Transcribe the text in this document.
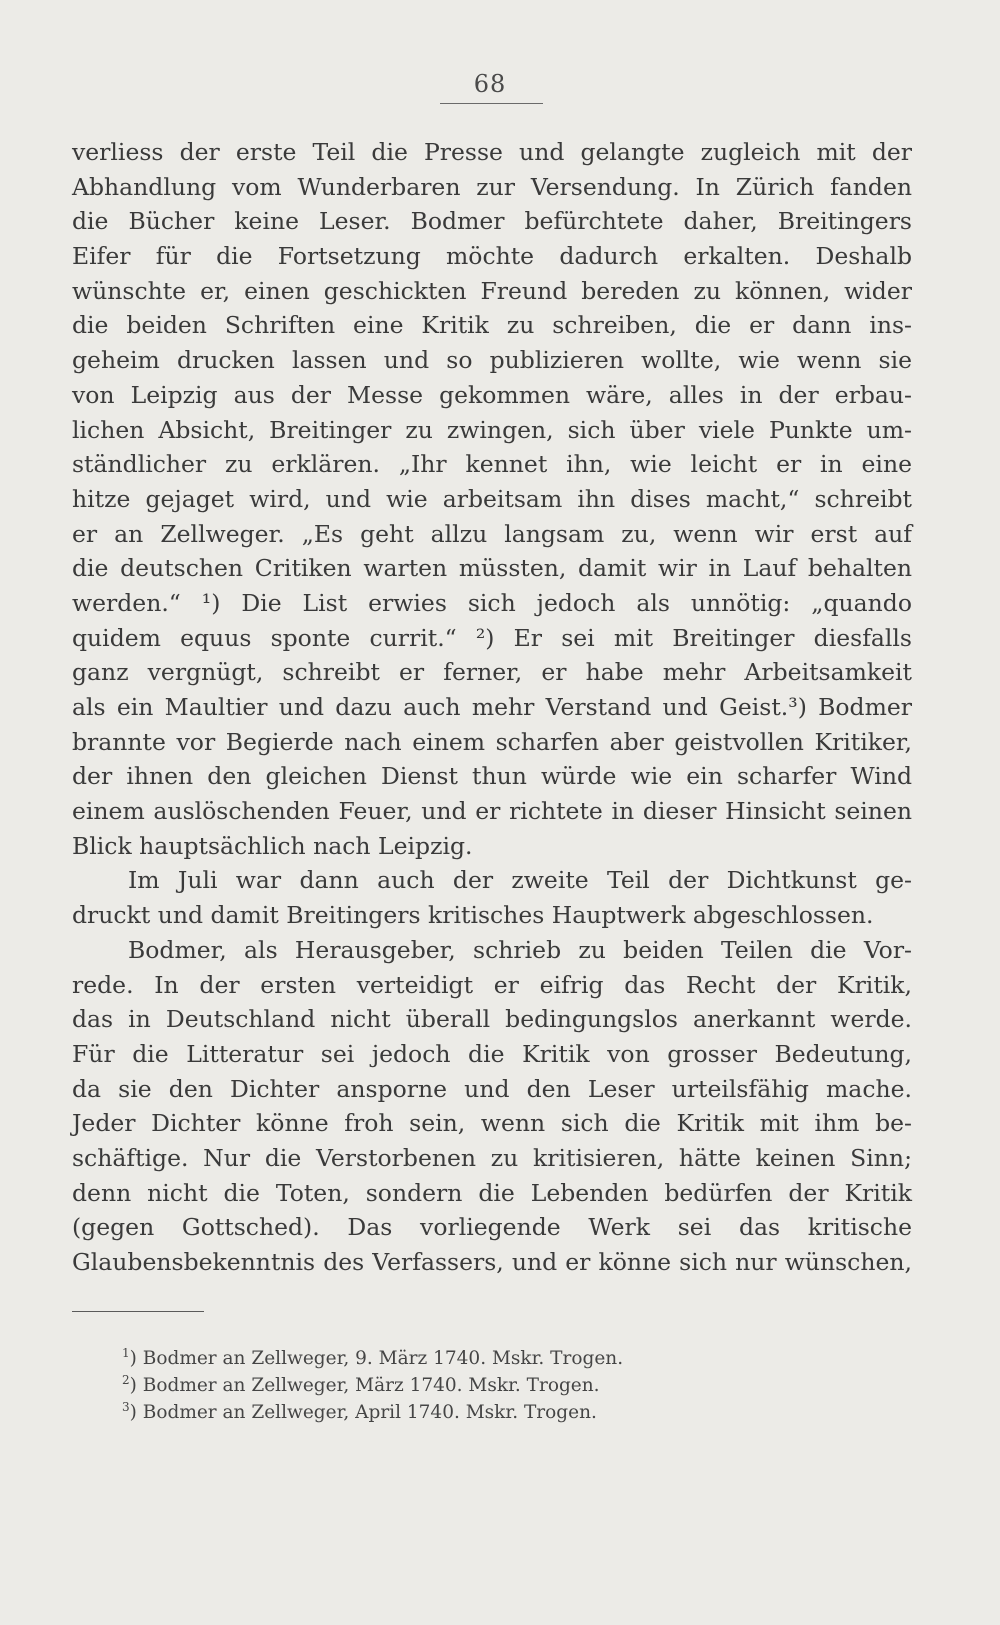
68
verliess der erste Teil die Presse und gelangte zugleich mit der
Abhandlung vom Wunderbaren zur Versendung. In Zürich fanden
die Bücher keine Leser. Bodmer befürchtete daher, Breitingers
Eifer für die Fortsetzung möchte dadurch erkalten. Deshalb
wünschte er, einen geschickten Freund bereden zu können, wider
die beiden Schriften eine Kritik zu schreiben, die er dann ins-
geheim drucken lassen und so publizieren wollte, wie wenn sie
von Leipzig aus der Messe gekommen wäre, alles in der erbau-
lichen Absicht, Breitinger zu zwingen, sich über viele Punkte um-
ständlicher zu erklären. „Ihr kennet ihn, wie leicht er in eine
hitze gejaget wird, und wie arbeitsam ihn dises macht,“ schreibt
er an Zellweger. „Es geht allzu langsam zu, wenn wir erst auf
die deutschen Critiken warten müssten, damit wir in Lauf behalten
werden.“ ¹) Die List erwies sich jedoch als unnötig: „quando
quidem equus sponte currit.“ ²) Er sei mit Breitinger diesfalls
ganz vergnügt, schreibt er ferner, er habe mehr Arbeitsamkeit
als ein Maultier und dazu auch mehr Verstand und Geist.³) Bodmer
brannte vor Begierde nach einem scharfen aber geistvollen Kritiker,
der ihnen den gleichen Dienst thun würde wie ein scharfer Wind
einem auslöschenden Feuer, und er richtete in dieser Hinsicht seinen
Blick hauptsächlich nach Leipzig.
Im Juli war dann auch der zweite Teil der Dichtkunst ge-
druckt und damit Breitingers kritisches Hauptwerk abgeschlossen.
Bodmer, als Herausgeber, schrieb zu beiden Teilen die Vor-
rede. In der ersten verteidigt er eifrig das Recht der Kritik,
das in Deutschland nicht überall bedingungslos anerkannt werde.
Für die Litteratur sei jedoch die Kritik von grosser Bedeutung,
da sie den Dichter ansporne und den Leser urteilsfähig mache.
Jeder Dichter könne froh sein, wenn sich die Kritik mit ihm be-
schäftige. Nur die Verstorbenen zu kritisieren, hätte keinen Sinn;
denn nicht die Toten, sondern die Lebenden bedürfen der Kritik
(gegen Gottsched). Das vorliegende Werk sei das kritische
Glaubensbekenntnis des Verfassers, und er könne sich nur wünschen,
$^1$) Bodmer an Zellweger, 9. März 1740. Mskr. Trogen.
$^2$) Bodmer an Zellweger, März 1740. Mskr. Trogen.
$^3$) Bodmer an Zellweger, April 1740. Mskr. Trogen.
